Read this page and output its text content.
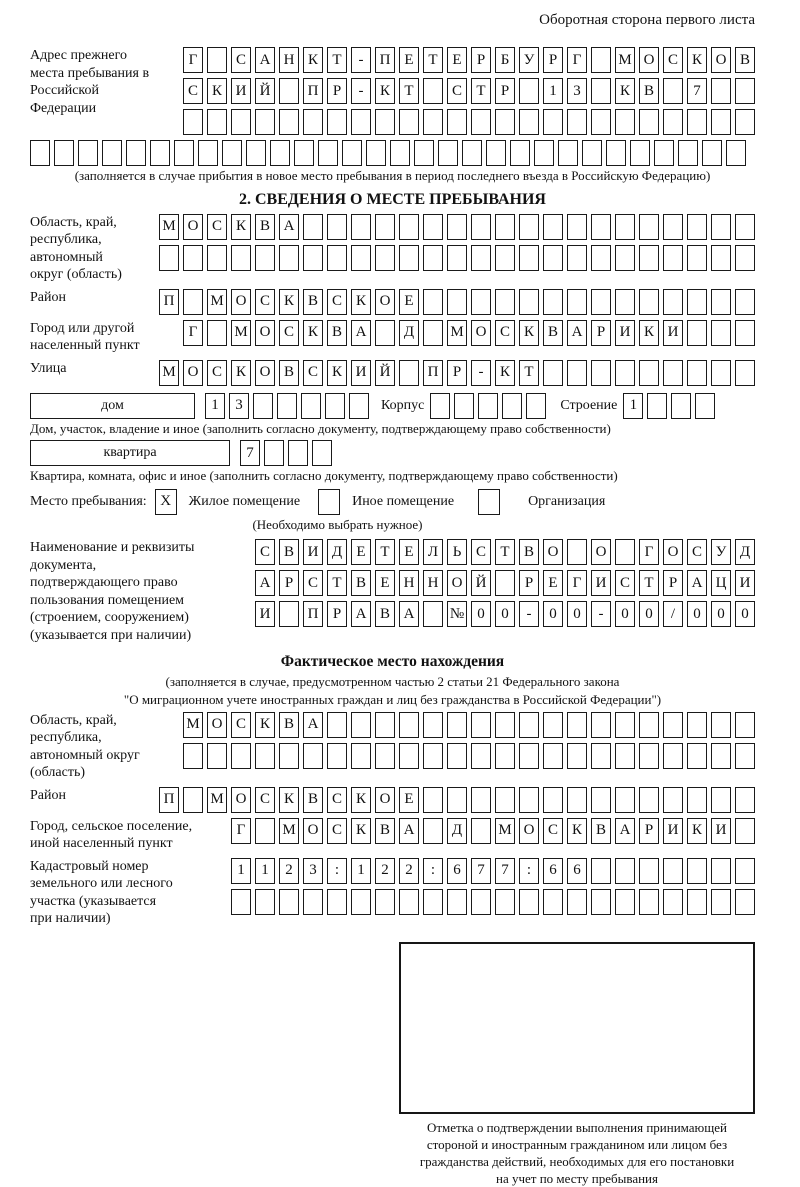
Оборотная сторона первого листа
Адрес прежнего места пребывания в Российской Федерации
Г	С А Н К Т	-	П Е Т Е	Р	Б У Р	Г	М О С К О В
С К И Й	П Р	-	К Т	С Т	Р	1	3	К В	7
(заполняется в случае прибытия в новое место пребывания в период последнего въезда в Российскую Федерацию)
2. СВЕДЕНИЯ О МЕСТЕ ПРЕБЫВАНИЯ
Область, край, республика, автономный округ (область)
М О С К В А
Район	П	М О С К В С К О Е
Город или другой населенный пункт
Г	М О С К В А	Д	М О С К В А Р И К И
Улица	М О С К О В С К И Й	П Р	-	К Т
дом	1	3	Корпус	Строение 1
Дом, участок, владение и иное (заполнить согласно документу, подтверждающему право собственности)
квартира	7
Квартира, комната, офис и иное (заполнить согласно документу, подтверждающему право собственности)
Место пребывания: X	Жилое помещение	Иное помещение	Организация
(Необходимо выбрать нужное)
Наименование и реквизиты документа, подтверждающего право пользования помещением (строением, сооружением) (указывается при наличии)
С В И Д Е Т Е Л Ь С Т В О	О	Г О С У Д
А Р С Т В Е Н Н О Й	Р	Е	Г И С Т	Р А Ц И
И	П Р А В А	№ 0	0	-	0	0	-	0	0	/	0	0	0
Фактическое место нахождения
(заполняется в случае, предусмотренном частью 2 статьи 21 Федерального закона
"О миграционном учете иностранных граждан и лиц без гражданства в Российской Федерации")
Область, край, республика, автономный округ (область)
М О С К В А
Район	П	М О С К В С К О Е
Город, сельское поселение, иной населенный пункт
Г	М О С К В А	Д	М О С К В А Р И К И
Кадастровый номер земельного или лесного участка (указывается при наличии)
1	1	2	3	:	1	2	2	:	6	7	7	:	6	6
Отметка о подтверждении выполнения принимающей
стороной и иностранным гражданином или лицом без
гражданства действий, необходимых для его постановки
на учет по месту пребывания
